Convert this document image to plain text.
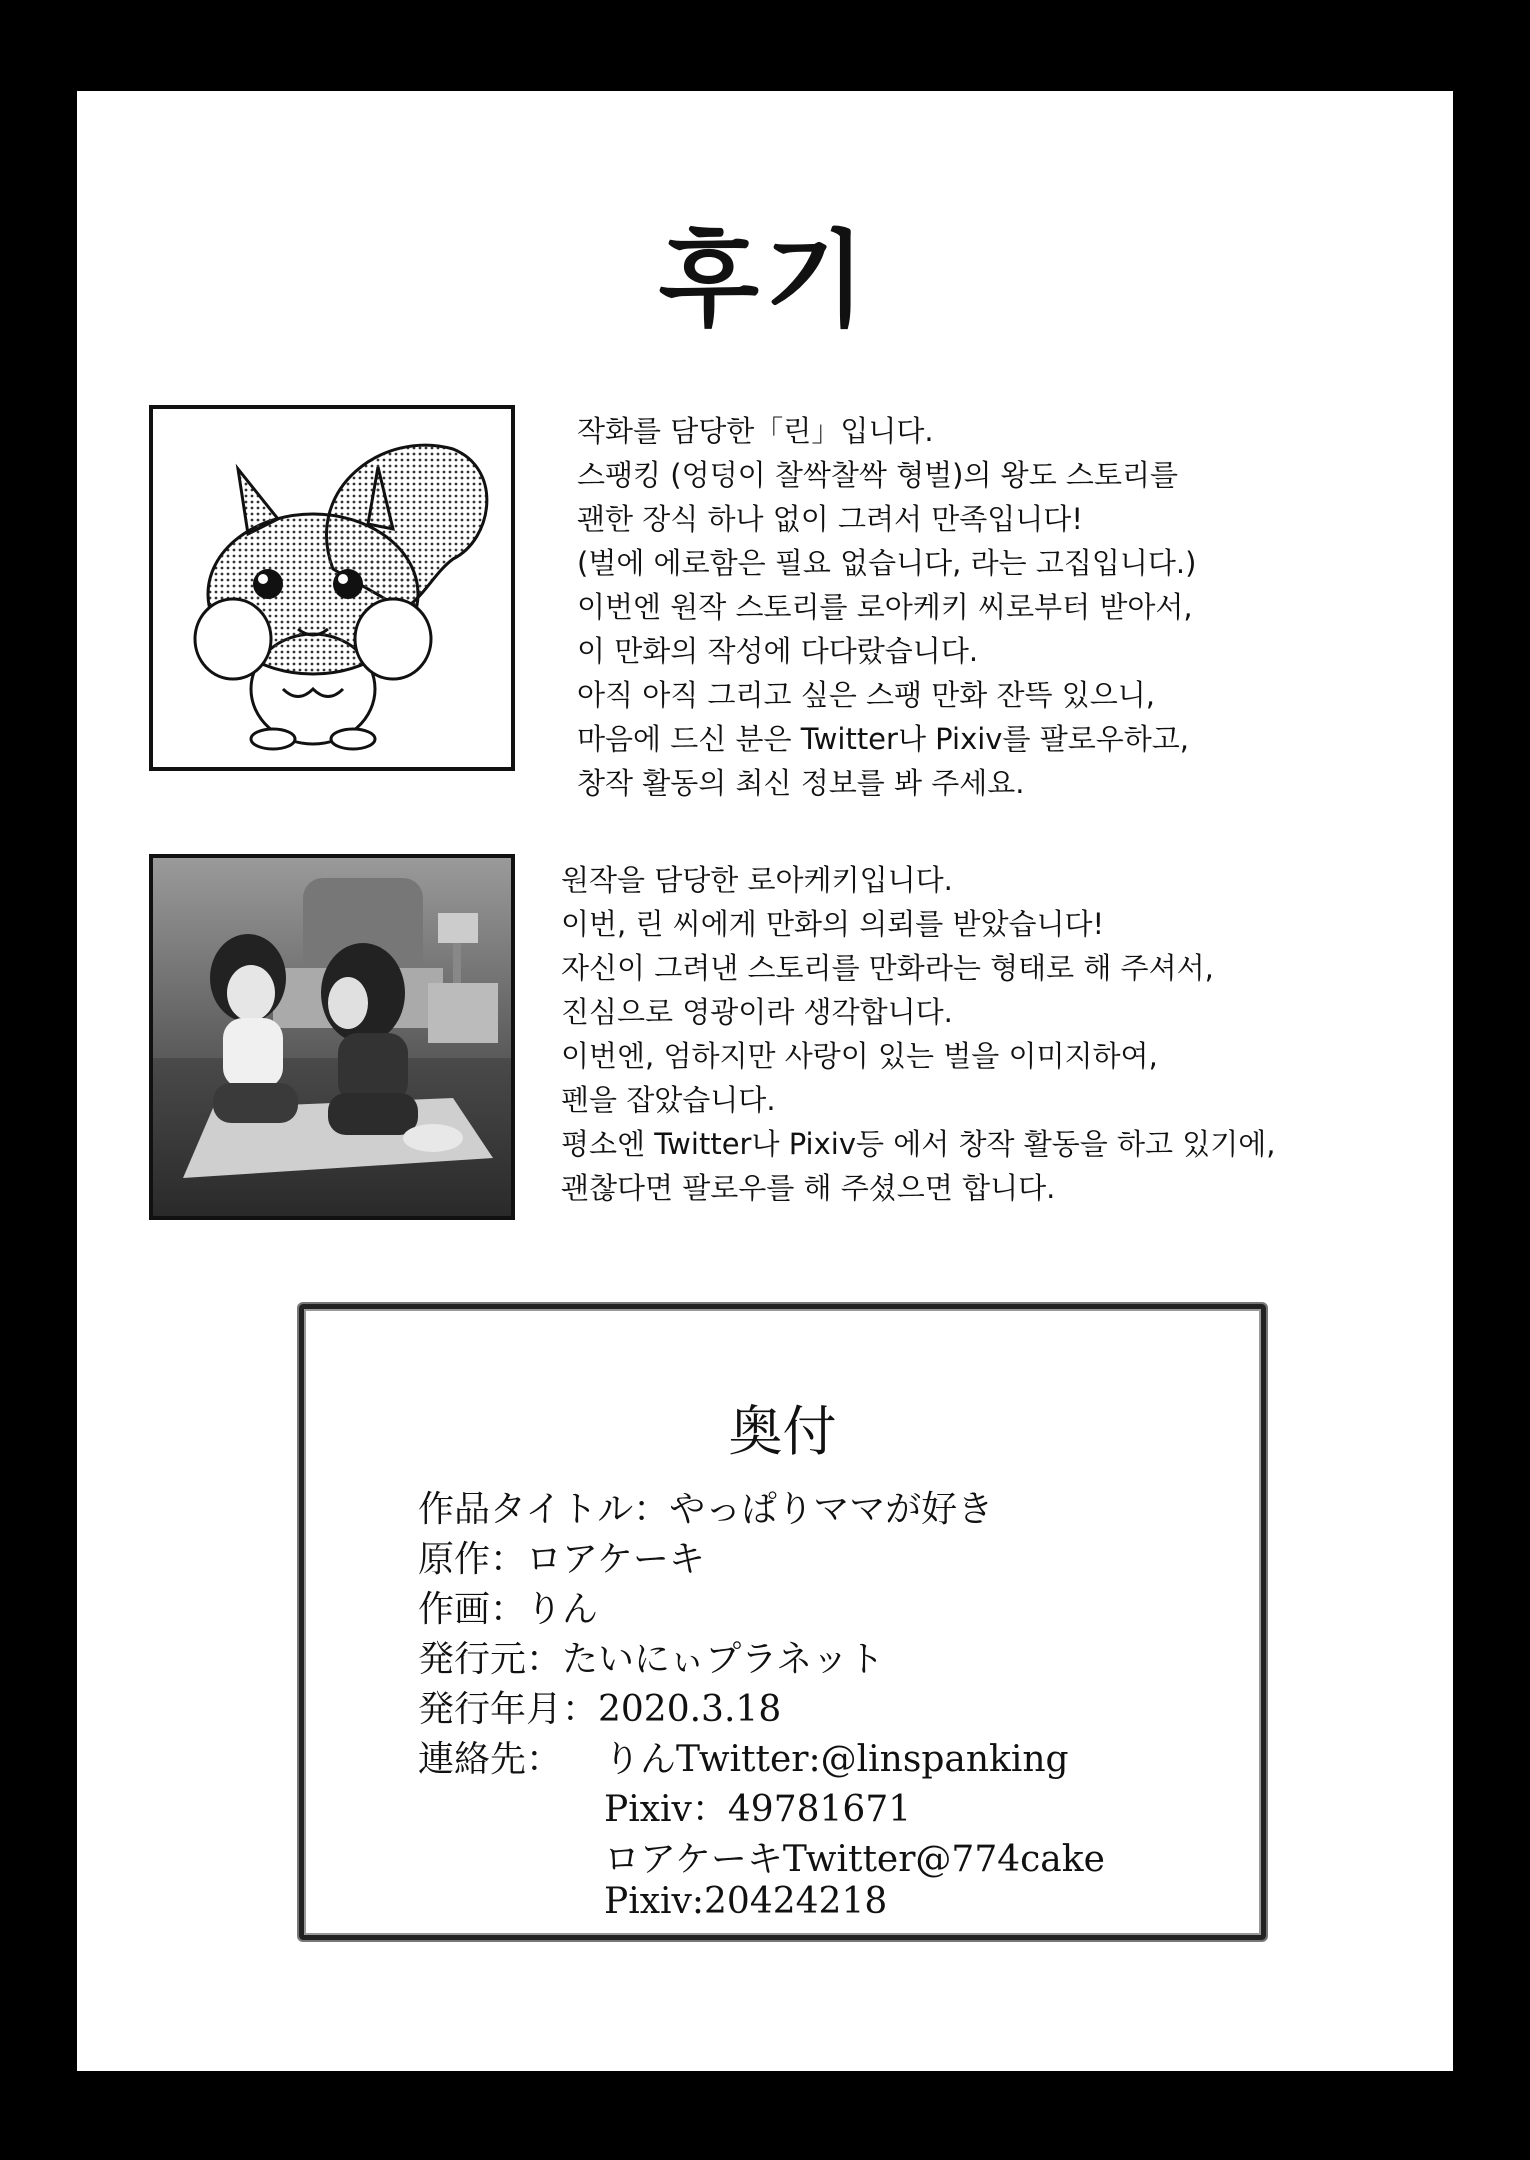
후기
작화를 담당한「린」입니다.
스팽킹 (엉덩이 찰싹찰싹 형벌)의 왕도 스토리를
괜한 장식 하나 없이 그려서 만족입니다!
(벌에 에로함은 필요 없습니다, 라는 고집입니다.)
이번엔 원작 스토리를 로아케키 씨로부터 받아서,
이 만화의 작성에 다다랐습니다.
아직 아직 그리고 싶은 스팽 만화 잔뜩 있으니,
마음에 드신 분은 Twitter나 Pixiv를 팔로우하고,
창작 활동의 최신 정보를 봐 주세요.
원작을 담당한 로아케키입니다.
이번, 린 씨에게 만화의 의뢰를 받았습니다!
자신이 그려낸 스토리를 만화라는 형태로 해 주셔서,
진심으로 영광이라 생각합니다.
이번엔, 엄하지만 사랑이 있는 벌을 이미지하여,
펜을 잡았습니다.
평소엔 Twitter나 Pixiv등 에서 창작 활동을 하고 있기에,
괜찮다면 팔로우를 해 주셨으면 합니다.
奥付
作品タイトル：やっぱりママが好き
原作：ロアケーキ
作画：りん
発行元：たいにぃプラネット
発行年月：2020.3.18
連絡先： りんTwitter:@linspanking
Pixiv：49781671
ロアケーキTwitter@774cake
Pixiv:20424218
